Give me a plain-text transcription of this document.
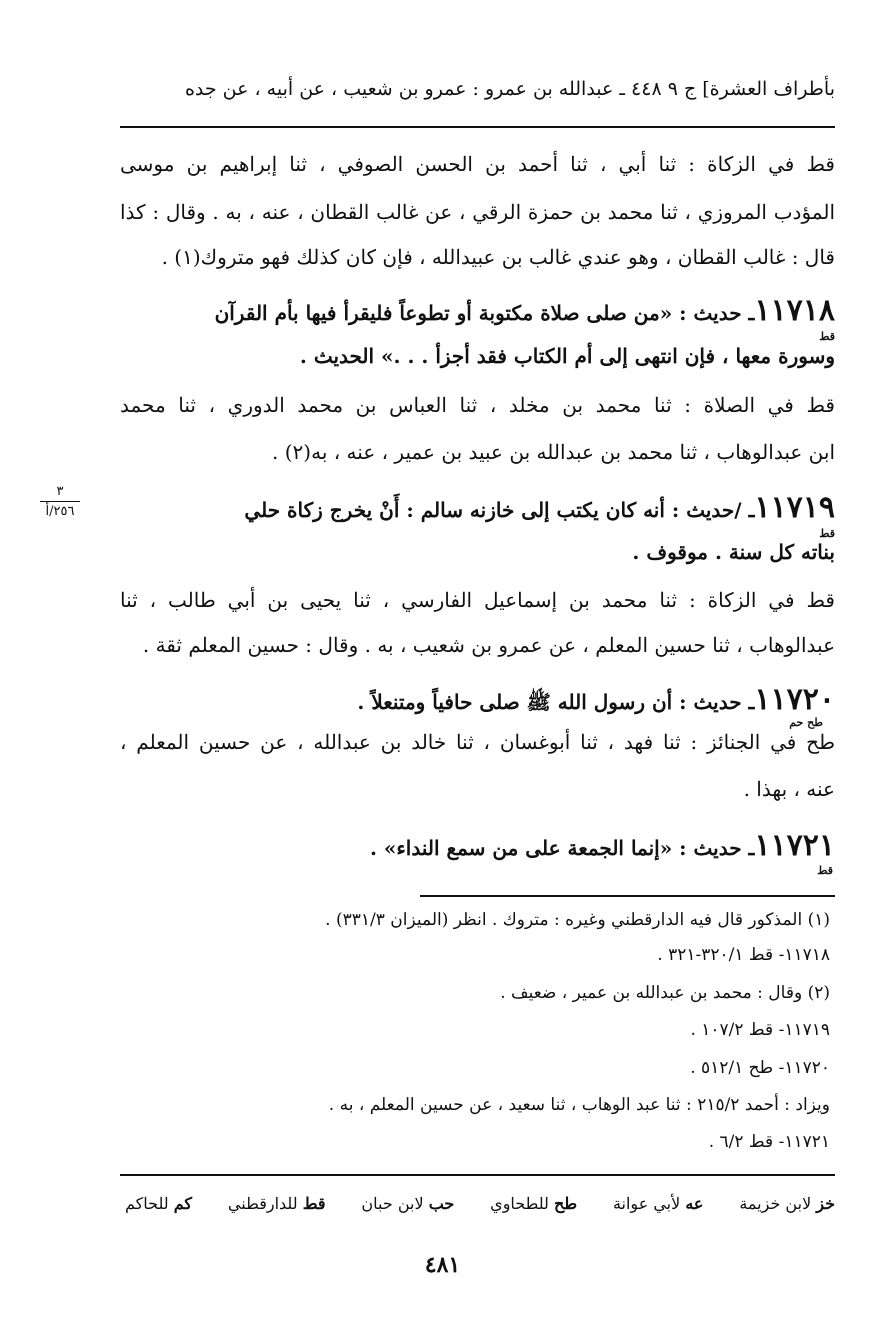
بأطراف العشرة] ج ٩ ٤٤٨ ـ عبدالله بن عمرو : عمرو بن شعيب ، عن أبيه ، عن جده
قط في الزكاة : ثنا أبي ، ثنا أحمد بن الحسن الصوفي ، ثنا إبراهيم بن موسى
المؤدب المروزي ، ثنا محمد بن حمزة الرقي ، عن غالب القطان ، عنه ، به . وقال : كذا
قال : غالب القطان ، وهو عندي غالب بن عبيدالله ، فإن كان كذلك فهو متروك(١) .
١١٧١٨ـ حديث : «من صلى صلاة مكتوبة أو تطوعاً فليقرأ فيها بأم القرآن
قط
وسورة معها ، فإن انتهى إلى أم الكتاب فقد أجزأ . . .» الحديث .
قط في الصلاة : ثنا محمد بن مخلد ، ثنا العباس بن محمد الدوري ، ثنا محمد
ابن عبدالوهاب ، ثنا محمد بن عبدالله بن عبيد بن عمير ، عنه ، به(٢) .
٣
٢٥٦/أ	١١٧١٩ـ /حديث : أنه كان يكتب إلى خازنه سالم : أَنْ يخرج زكاة حلي
قط
بناته كل سنة . موقوف .
قط في الزكاة : ثنا محمد بن إسماعيل الفارسي ، ثنا يحيى بن أبي طالب ، ثنا
عبدالوهاب ، ثنا حسين المعلم ، عن عمرو بن شعيب ، به . وقال : حسين المعلم ثقة .
١١٧٢٠ـ حديث : أن رسول الله ﷺ صلى حافياً ومتنعلاً .
طح حم
طح في الجنائز : ثنا فهد ، ثنا أبوغسان ، ثنا خالد بن عبدالله ، عن حسين المعلم ،
عنه ، بهذا .
١١٧٢١ـ حديث : «إنما الجمعة على من سمع النداء» .
قط
(١) المذكور قال فيه الدارقطني وغيره : متروك . انظر (الميزان ٣٣١/٣) .
١١٧١٨- قط ٣٢٠/١-٣٢١ .
(٢) وقال : محمد بن عبدالله بن عمير ، ضعيف .
١١٧١٩- قط ١٠٧/٢ .
١١٧٢٠- طح ٥١٢/١ .
ويزاد : أحمد ٢١٥/٢ : ثنا عبد الوهاب ، ثنا سعيد ، عن حسين المعلم ، به .
١١٧٢١- قط ٦/٢ .
خز لابن خزيمة
عه لأبي عوانة
طح للطحاوي
حب لابن حبان
قط للدارقطني
كم للحاكم
٤٨١
